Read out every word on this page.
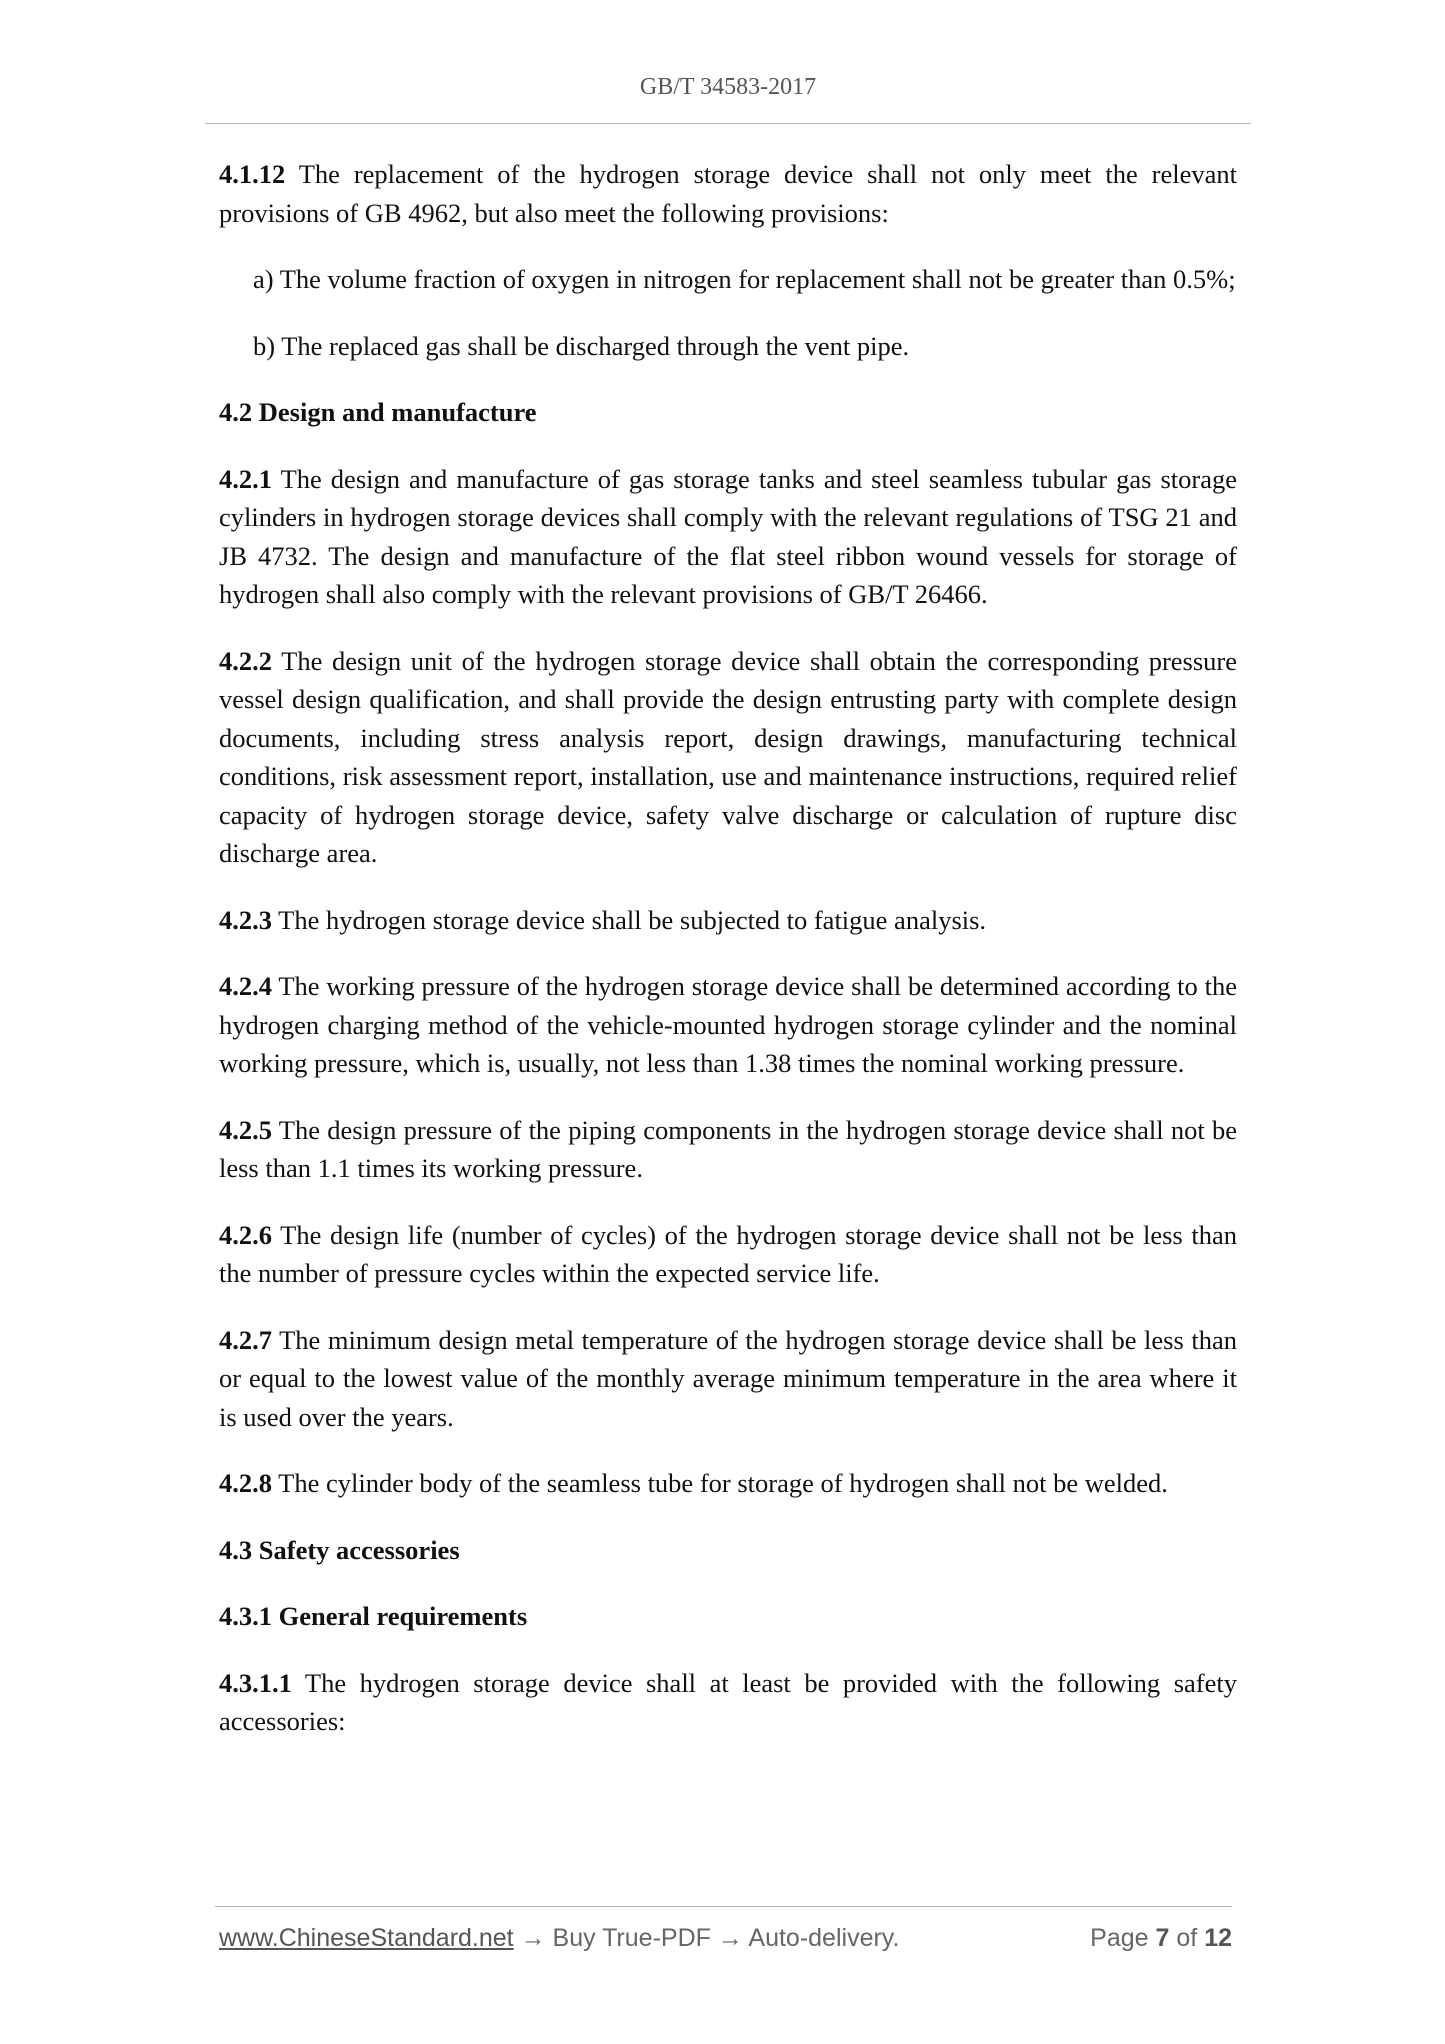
GB/T 34583-2017

4.1.12 The replacement of the hydrogen storage device shall not only meet the relevant provisions of GB 4962, but also meet the following provisions:

a) The volume fraction of oxygen in nitrogen for replacement shall not be greater than 0.5%;

b) The replaced gas shall be discharged through the vent pipe.

4.2 Design and manufacture

4.2.1 The design and manufacture of gas storage tanks and steel seamless tubular gas storage cylinders in hydrogen storage devices shall comply with the relevant regulations of TSG 21 and JB 4732. The design and manufacture of the flat steel ribbon wound vessels for storage of hydrogen shall also comply with the relevant provisions of GB/T 26466.

4.2.2 The design unit of the hydrogen storage device shall obtain the corresponding pressure vessel design qualification, and shall provide the design entrusting party with complete design documents, including stress analysis report, design drawings, manufacturing technical conditions, risk assessment report, installation, use and maintenance instructions, required relief capacity of hydrogen storage device, safety valve discharge or calculation of rupture disc discharge area.

4.2.3 The hydrogen storage device shall be subjected to fatigue analysis.

4.2.4 The working pressure of the hydrogen storage device shall be determined according to the hydrogen charging method of the vehicle-mounted hydrogen storage cylinder and the nominal working pressure, which is, usually, not less than 1.38 times the nominal working pressure.

4.2.5 The design pressure of the piping components in the hydrogen storage device shall not be less than 1.1 times its working pressure.

4.2.6 The design life (number of cycles) of the hydrogen storage device shall not be less than the number of pressure cycles within the expected service life.

4.2.7 The minimum design metal temperature of the hydrogen storage device shall be less than or equal to the lowest value of the monthly average minimum temperature in the area where it is used over the years.

4.2.8 The cylinder body of the seamless tube for storage of hydrogen shall not be welded.

4.3 Safety accessories

4.3.1 General requirements

4.3.1.1 The hydrogen storage device shall at least be provided with the following safety accessories:

www.ChineseStandard.net → Buy True-PDF → Auto-delivery.	Page 7 of 12
